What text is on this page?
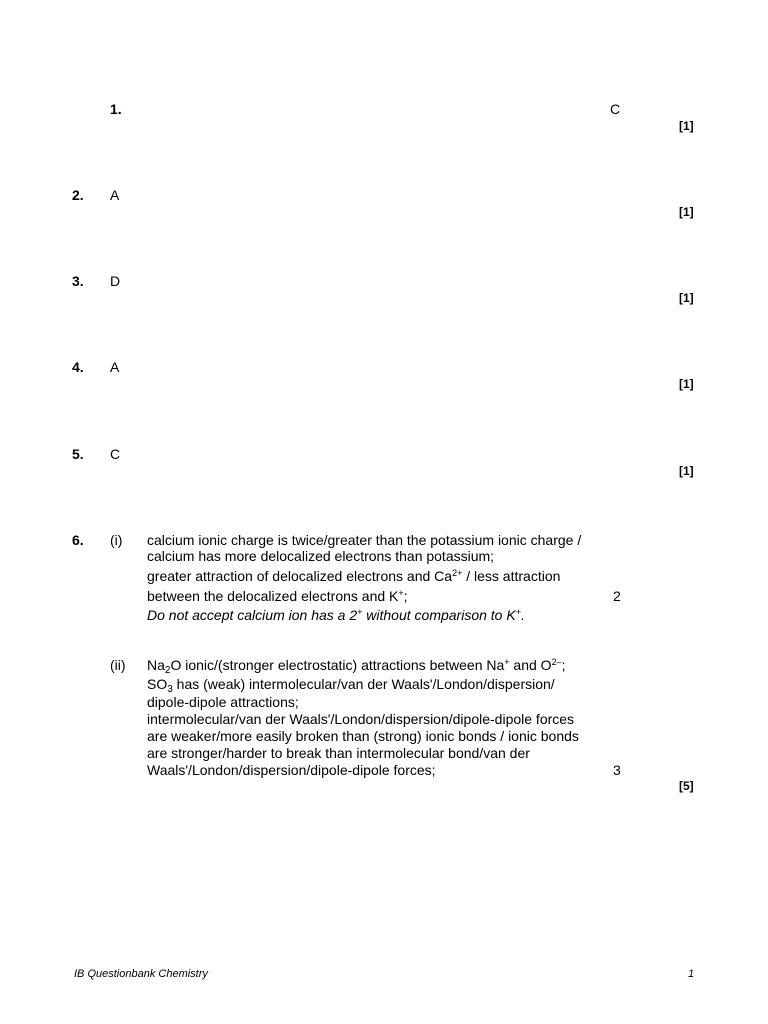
1.	C
[1]
2. A
[1]
3. D
[1]
4. A
[1]
5. C
[1]
6. (i) calcium ionic charge is twice/greater than the potassium ionic charge /
calcium has more delocalized electrons than potassium;
greater attraction of delocalized electrons and $Ca^{2+}$ / less attraction
between the delocalized electrons and K+;	2
Do not accept calcium ion has a 2+ without comparison to K+.
(ii) $Na_2O$ ionic/(stronger electrostatic) attractions between Na+ and $O^{2-}$;
$SO_3$ has (weak) intermolecular/van der Waals'/London/dispersion/
dipole-dipole attractions;
intermolecular/van der Waals'/London/dispersion/dipole-dipole forces
are weaker/more easily broken than (strong) ionic bonds / ionic bonds
are stronger/harder to break than intermolecular bond/van der
Waals'/London/dispersion/dipole-dipole forces;	3
[5]
IB Questionbank Chemistry	1
